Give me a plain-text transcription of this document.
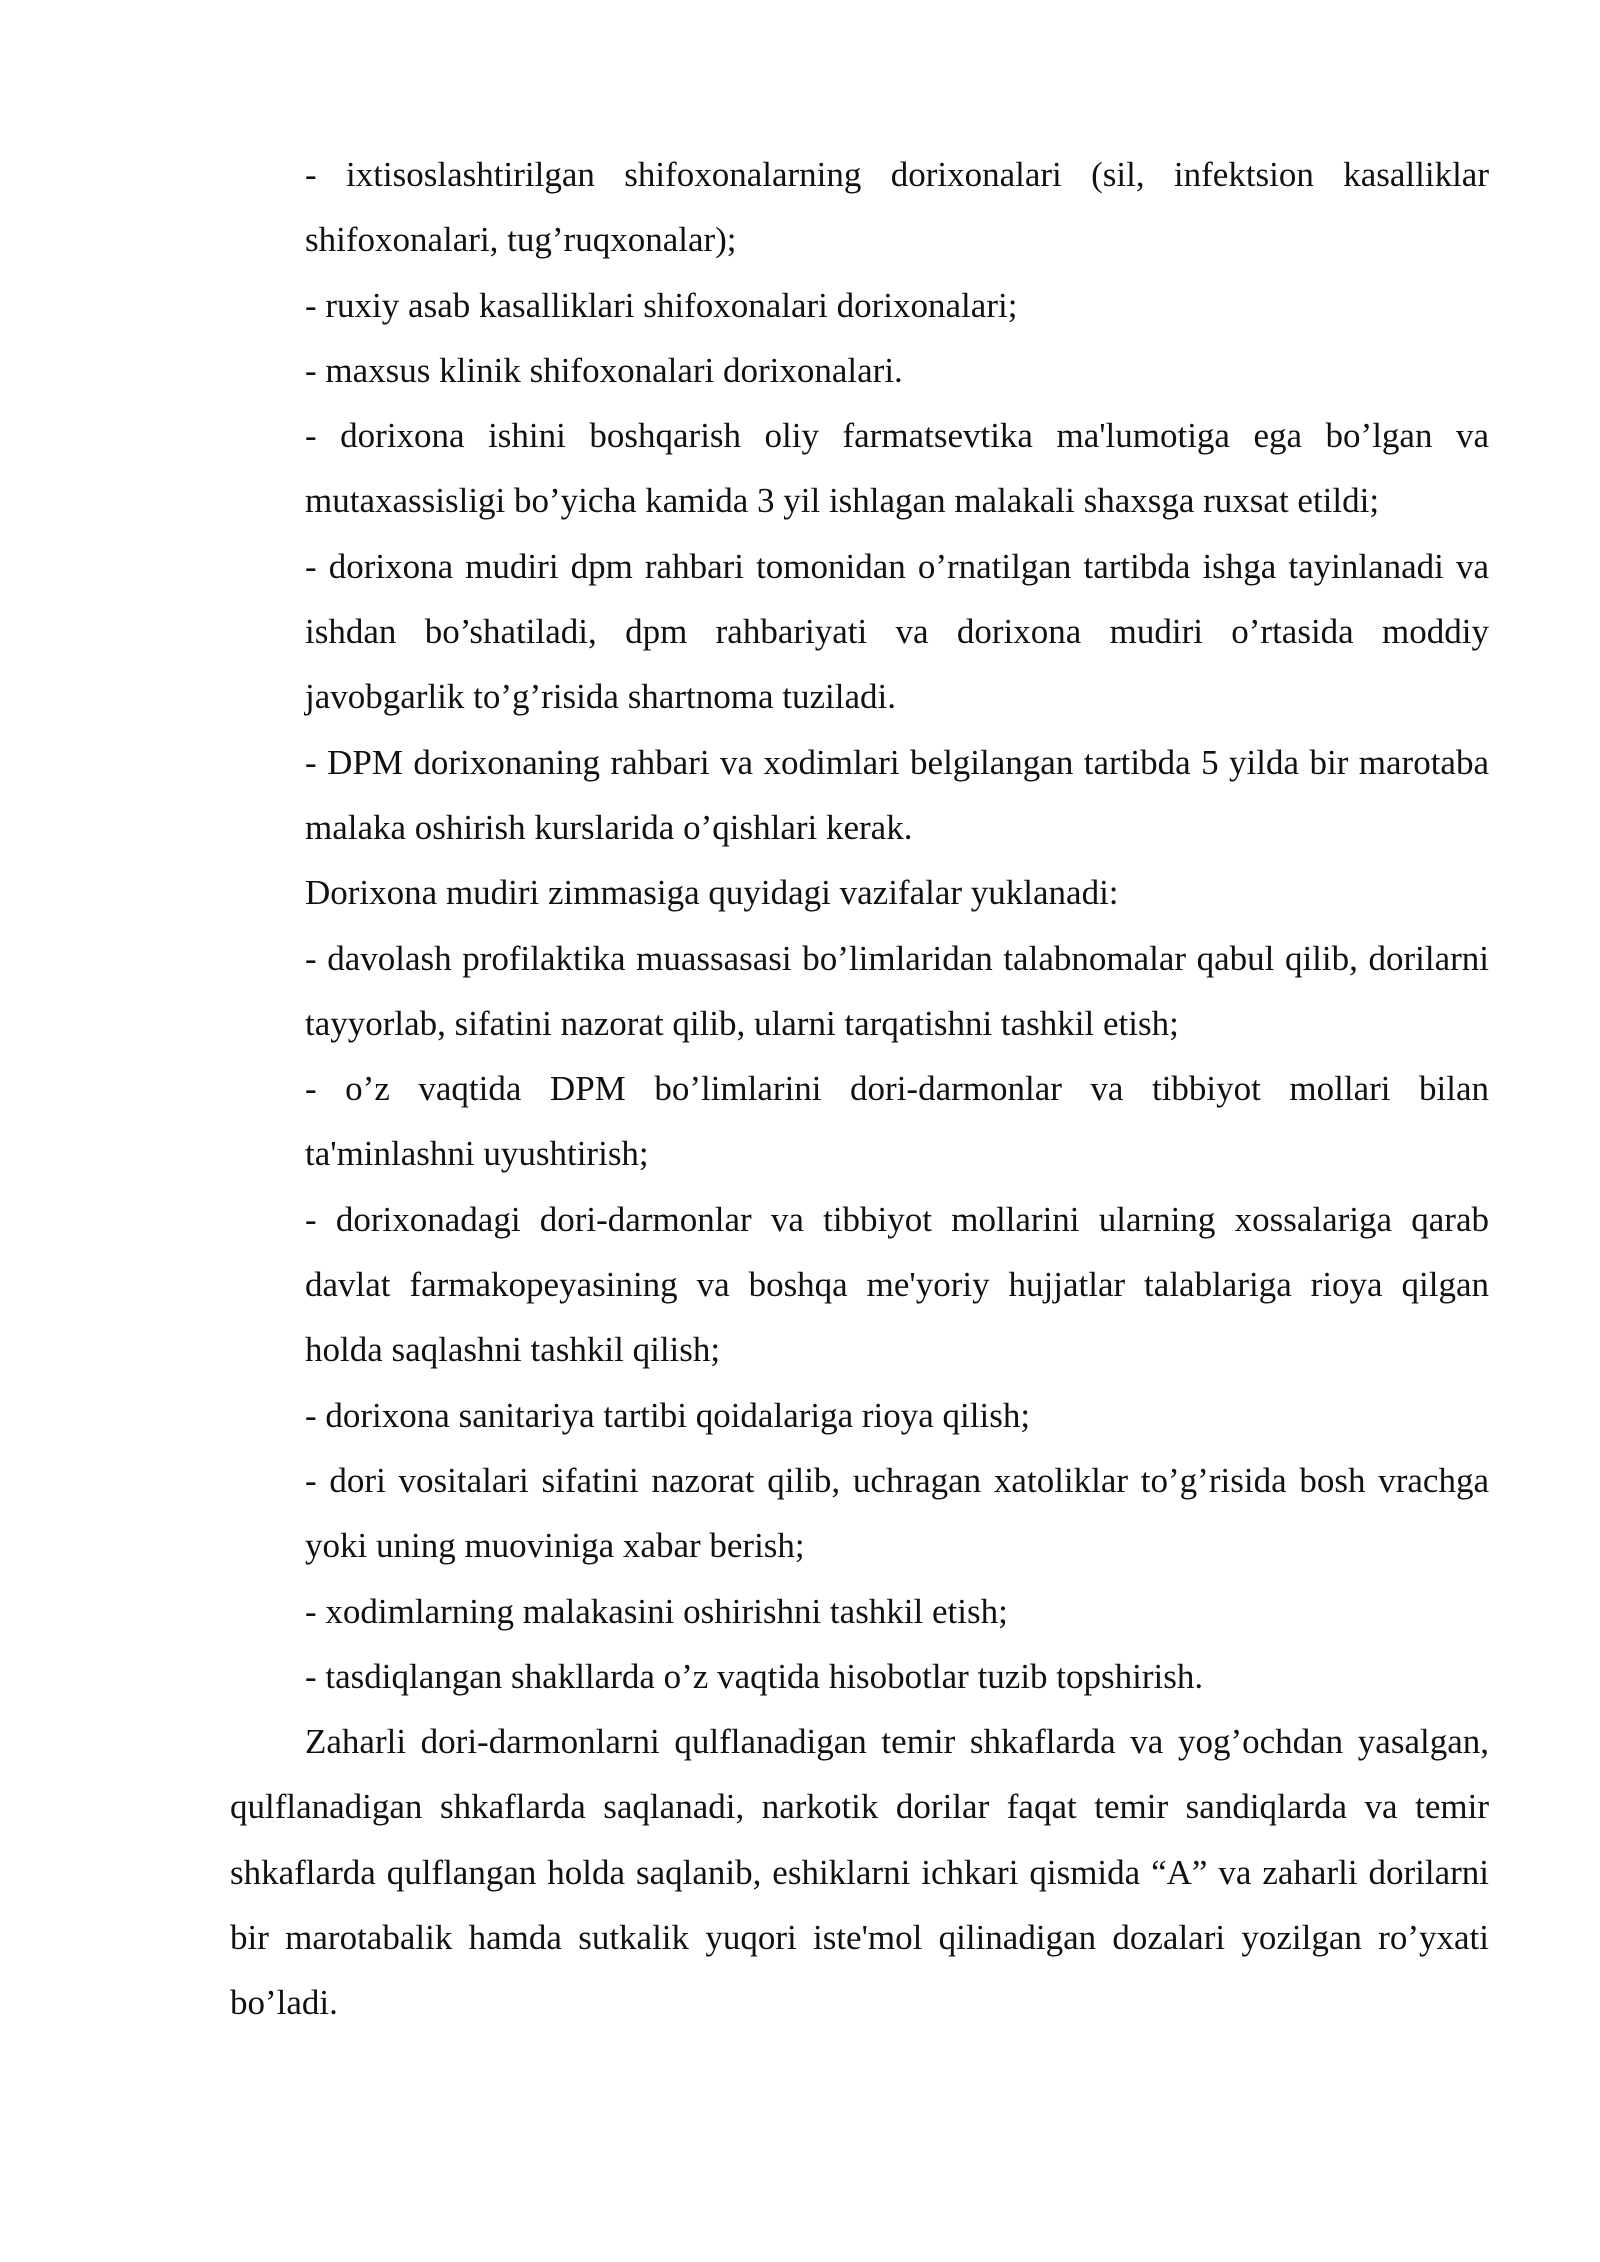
- ixtisoslashtirilgan shifoxonalarning dorixonalari (sil, infektsion kasalliklar shifoxonalari, tug’ruqxonalar);

- ruxiy asab kasalliklari shifoxonalari dorixonalari;

- maxsus klinik shifoxonalari dorixonalari.

- dorixona ishini boshqarish oliy farmatsevtika ma'lumotiga ega bo’lgan va mutaxassisligi bo’yicha kamida 3 yil ishlagan malakali shaxsga ruxsat etildi;

- dorixona mudiri dpm rahbari tomonidan o’rnatilgan tartibda ishga tayinlanadi va ishdan bo’shatiladi, dpm rahbariyati va dorixona mudiri o’rtasida moddiy javobgarlik to’g’risida shartnoma tuziladi.

- DPM dorixonaning rahbari va xodimlari belgilangan tartibda 5 yilda bir marotaba malaka oshirish kurslarida o’qishlari kerak.

Dorixona mudiri zimmasiga quyidagi vazifalar yuklanadi:

- davolash profilaktika muassasasi bo’limlaridan talabnomalar qabul qilib, dorilarni tayyorlab, sifatini nazorat qilib, ularni tarqatishni tashkil etish;

- o’z vaqtida DPM bo’limlarini dori-darmonlar va tibbiyot mollari bilan ta'minlashni uyushtirish;

- dorixonadagi dori-darmonlar va tibbiyot mollarini ularning xossalariga qarab davlat farmakopeyasining va boshqa me'yoriy hujjatlar talablariga rioya qilgan holda saqlashni tashkil qilish;

- dorixona sanitariya tartibi qoidalariga rioya qilish;

- dori vositalari sifatini nazorat qilib, uchragan xatoliklar to’g’risida bosh vrachga yoki uning muoviniga xabar berish;

- xodimlarning malakasini oshirishni tashkil etish;

- tasdiqlangan shakllarda o’z vaqtida hisobotlar tuzib topshirish.

Zaharli dori-darmonlarni qulflanadigan temir shkaflarda va yog’ochdan yasalgan, qulflanadigan shkaflarda saqlanadi, narkotik dorilar faqat temir sandiqlarda va temir shkaflarda qulflangan holda saqlanib, eshiklarni ichkari qismida “A” va zaharli dorilarni bir marotabalik hamda sutkalik yuqori iste'mol qilinadigan dozalari yozilgan ro’yxati bo’ladi.
